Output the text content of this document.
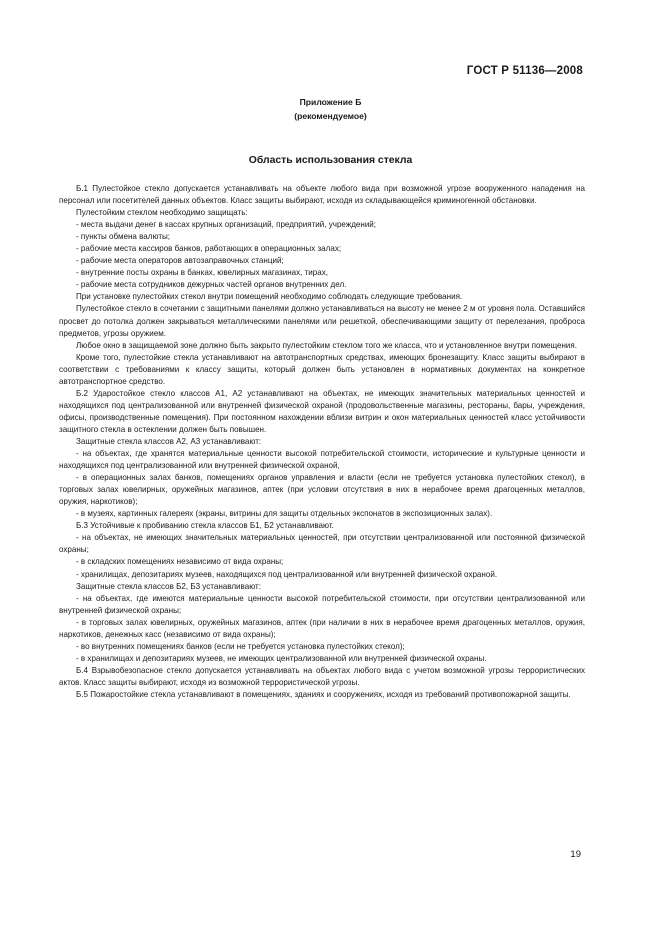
ГОСТ Р 51136—2008
Приложение Б
(рекомендуемое)
Область использования стекла

Б.1 Пулестойкое стекло допускается устанавливать на объекте любого вида при возможной угрозе вооруженного нападения на персонал или посетителей данных объектов. Класс защиты выбирают, исходя из складывающейся криминогенной обстановки.

Пулестойким стеклом необходимо защищать:

- места выдачи денег в кассах крупных организаций, предприятий, учреждений;

- пункты обмена валюты;

- рабочие места кассиров банков, работающих в операционных залах;

- рабочие места операторов автозаправочных станций;

- внутренние посты охраны в банках, ювелирных магазинах, тирах,

- рабочие места сотрудников дежурных частей органов внутренних дел.

При установке пулестойких стекол внутри помещений необходимо соблюдать следующие требования.

Пулестойкое стекло в сочетании с защитными панелями должно устанавливаться на высоту не менее 2 м от уровня пола. Оставшийся просвет до потолка должен закрываться металлическими панелями или решеткой, обеспечивающими защиту от перелезания, проброса предметов, угрозы оружием.

Любое окно в защищаемой зоне должно быть закрыто пулестойким стеклом того же класса, что и установленное внутри помещения.

Кроме того, пулестойкие стекла устанавливают на автотранспортных средствах, имеющих бронезащиту. Класс защиты выбирают в соответствии с требованиями к классу защиты, который должен быть установлен в нормативных документах на конкретное автотранспортное средство.

Б.2 Ударостойкое стекло классов А1, А2 устанавливают на объектах, не имеющих значительных материальных ценностей и находящихся под централизованной или внутренней физической охраной (продовольственные магазины, рестораны, бары, учреждения, офисы, производственные помещения). При постоянном нахождении вблизи витрин и окон материальных ценностей класс устойчивости защитного стекла в остеклении должен быть повышен.

Защитные стекла классов А2, А3 устанавливают:

- на объектах, где хранятся материальные ценности высокой потребительской стоимости, исторические и культурные ценности и находящихся под централизованной или внутренней физической охраной,

- в операционных залах банков, помещениях органов управления и власти (если не требуется установка пулестойких стекол), в торговых залах ювелирных, оружейных магазинов, аптек (при условии отсутствия в них в нерабочее время драгоценных металлов, оружия, наркотиков);

- в музеях, картинных галереях (экраны, витрины для защиты отдельных экспонатов в экспозиционных залах).

Б.3 Устойчивые к пробиванию стекла классов Б1, Б2 устанавливают.

- на объектах, не имеющих значительных материальных ценностей, при отсутствии централизованной или постоянной физической охраны;

- в складских помещениях независимо от вида охраны;

- хранилищах, депозитариях музеев, находящихся под централизованной или внутренней физической охраной.

Защитные стекла классов Б2, Б3 устанавливают:

- на объектах, где имеются материальные ценности высокой потребительской стоимости, при отсутствии централизованной или внутренней физической охраны;

- в торговых залах ювелирных, оружейных магазинов, аптек (при наличии в них в нерабочее время драгоценных металлов, оружия, наркотиков, денежных касс (независимо от вида охраны);

- во внутренних помещениях банков (если не требуется установка пулестойких стекол);

- в хранилищах и депозитариях музеев, не имеющих централизованной или внутренней физической охраны.

Б.4 Взрывобезопасное стекло допускается устанавливать на объектах любого вида с учетом возможной угрозы террористических актов. Класс защиты выбирают, исходя из возможной террористической угрозы.

Б.5 Пожаростойкие стекла устанавливают в помещениях, зданиях и сооружениях, исходя из требований противопожарной защиты.

19
